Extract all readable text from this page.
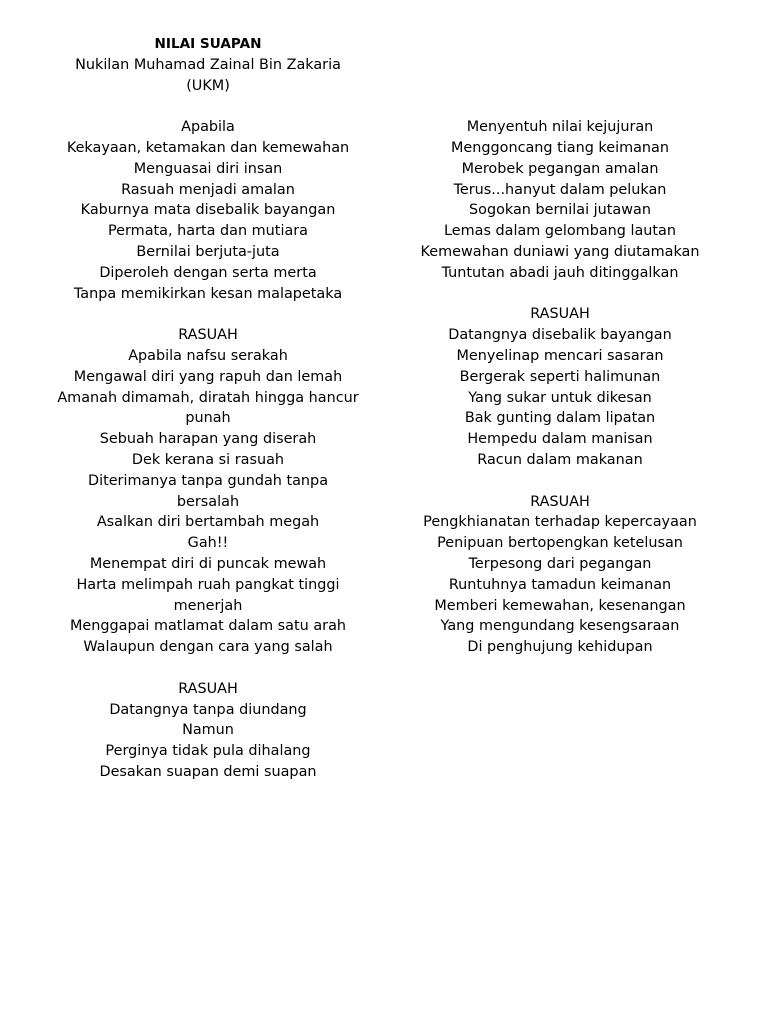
NILAI SUAPAN
Nukilan Muhamad Zainal Bin Zakaria
(UKM)
Apabila
Kekayaan, ketamakan dan kemewahan
Menguasai diri insan
Rasuah menjadi amalan
Kaburnya mata disebalik bayangan
Permata, harta dan mutiara
Bernilai berjuta-juta
Diperoleh dengan serta merta
Tanpa memikirkan kesan malapetaka
RASUAH
Apabila nafsu serakah
Mengawal diri yang rapuh dan lemah
Amanah dimamah, diratah hingga hancur
punah
Sebuah harapan yang diserah
Dek kerana si rasuah
Diterimanya tanpa gundah tanpa
bersalah
Asalkan diri bertambah megah
Gah!!
Menempat diri di puncak mewah
Harta melimpah ruah pangkat tinggi
menerjah
Menggapai matlamat dalam satu arah
Walaupun dengan cara yang salah
RASUAH
Datangnya tanpa diundang
Namun
Perginya tidak pula dihalang
Desakan suapan demi suapan
Menyentuh nilai kejujuran
Menggoncang tiang keimanan
Merobek pegangan amalan
Terus...hanyut dalam pelukan
Sogokan bernilai jutawan
Lemas dalam gelombang lautan
Kemewahan duniawi yang diutamakan
Tuntutan abadi jauh ditinggalkan
RASUAH
Datangnya disebalik bayangan
Menyelinap mencari sasaran
Bergerak seperti halimunan
Yang sukar untuk dikesan
Bak gunting dalam lipatan
Hempedu dalam manisan
Racun dalam makanan
RASUAH
Pengkhianatan terhadap kepercayaan
Penipuan bertopengkan ketelusan
Terpesong dari pegangan
Runtuhnya tamadun keimanan
Memberi kemewahan, kesenangan
Yang mengundang kesengsaraan
Di penghujung kehidupan
